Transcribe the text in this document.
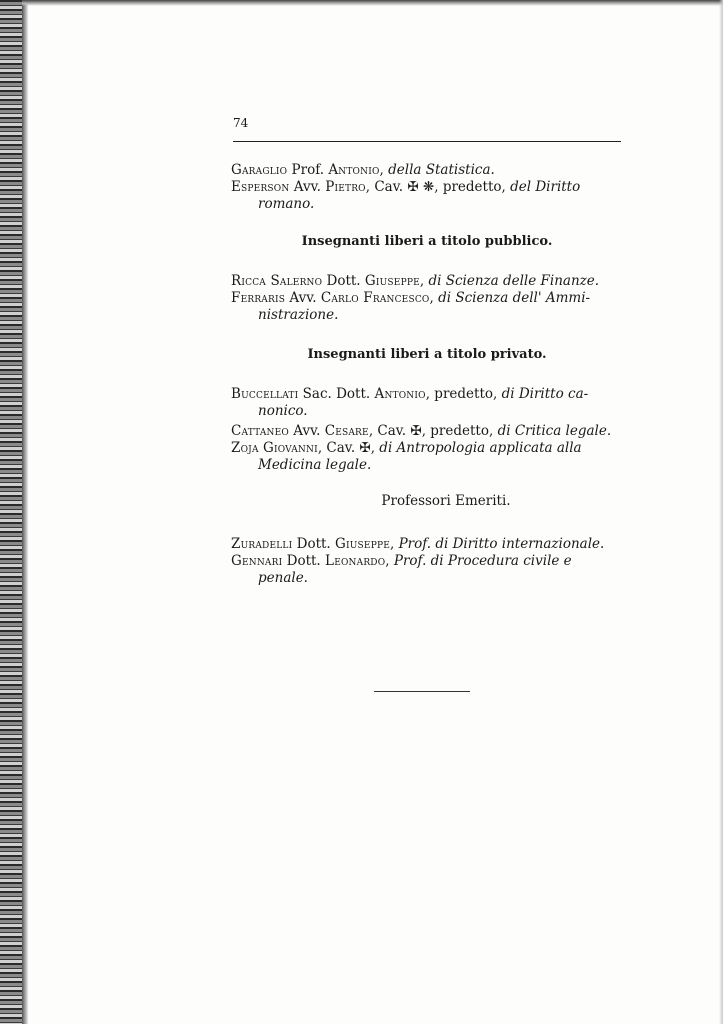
74
Garaglio Prof. Antonio, della Statistica.
Esperson Avv. Pietro, Cav. ✠ ❋, predetto, del Diritto
romano.
Insegnanti liberi a titolo pubblico.
Ricca Salerno Dott. Giuseppe, di Scienza delle Finanze.
Ferraris Avv. Carlo Francesco, di Scienza dell' Ammi-
nistrazione.
Insegnanti liberi a titolo privato.
Buccellati Sac. Dott. Antonio, predetto, di Diritto ca-
nonico.
Cattaneo Avv. Cesare, Cav. ✠, predetto, di Critica legale.
Zoja Giovanni, Cav. ✠, di Antropologia applicata alla
Medicina legale.
Professori Emeriti.
Zuradelli Dott. Giuseppe, Prof. di Diritto internazionale.
Gennari Dott. Leonardo, Prof. di Procedura civile e
penale.
